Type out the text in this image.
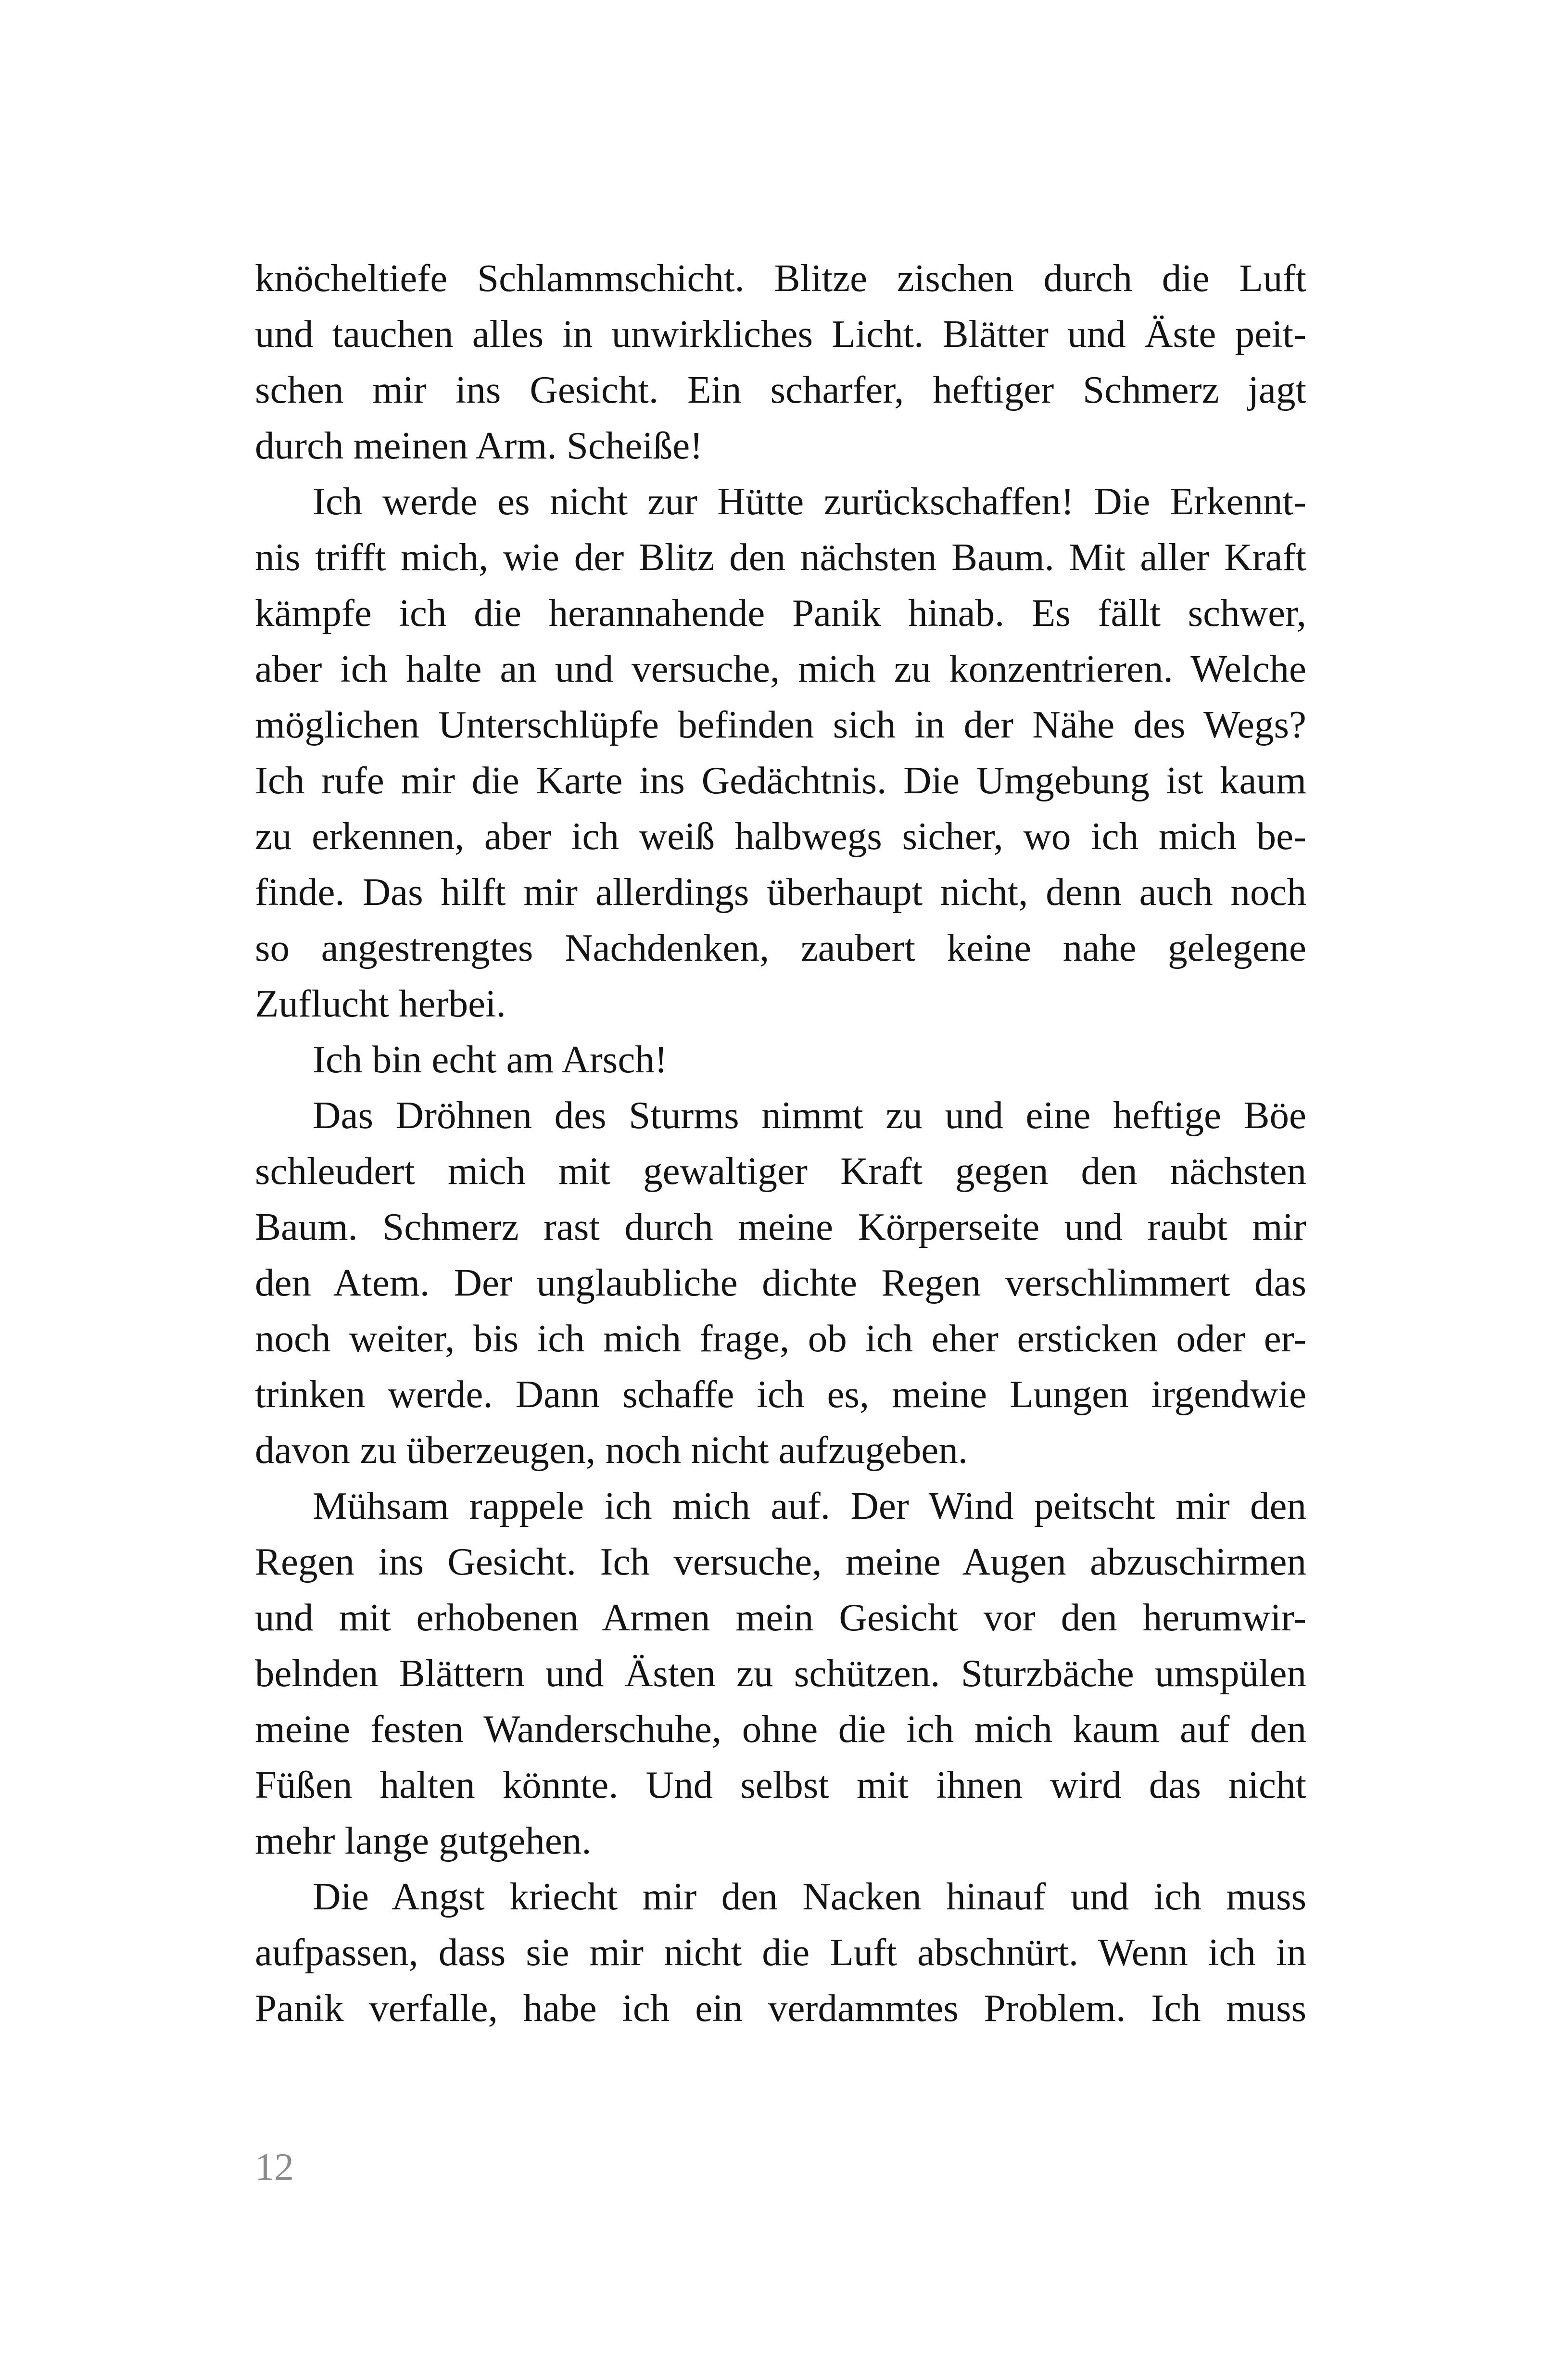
knöcheltiefe Schlammschicht. Blitze zischen durch die Luft
und tauchen alles in unwirkliches Licht. Blätter und Äste peit-
schen mir ins Gesicht. Ein scharfer, heftiger Schmerz jagt
durch meinen Arm. Scheiße!
Ich werde es nicht zur Hütte zurückschaffen! Die Erkennt-
nis trifft mich, wie der Blitz den nächsten Baum. Mit aller Kraft
kämpfe ich die herannahende Panik hinab. Es fällt schwer,
aber ich halte an und versuche, mich zu konzentrieren. Welche
möglichen Unterschlüpfe befinden sich in der Nähe des Wegs?
Ich rufe mir die Karte ins Gedächtnis. Die Umgebung ist kaum
zu erkennen, aber ich weiß halbwegs sicher, wo ich mich be-
finde. Das hilft mir allerdings überhaupt nicht, denn auch noch
so angestrengtes Nachdenken, zaubert keine nahe gelegene
Zuflucht herbei.
Ich bin echt am Arsch!
Das Dröhnen des Sturms nimmt zu und eine heftige Böe
schleudert mich mit gewaltiger Kraft gegen den nächsten
Baum. Schmerz rast durch meine Körperseite und raubt mir
den Atem. Der unglaubliche dichte Regen verschlimmert das
noch weiter, bis ich mich frage, ob ich eher ersticken oder er-
trinken werde. Dann schaffe ich es, meine Lungen irgendwie
davon zu überzeugen, noch nicht aufzugeben.
Mühsam rappele ich mich auf. Der Wind peitscht mir den
Regen ins Gesicht. Ich versuche, meine Augen abzuschirmen
und mit erhobenen Armen mein Gesicht vor den herumwir-
belnden Blättern und Ästen zu schützen. Sturzbäche umspülen
meine festen Wanderschuhe, ohne die ich mich kaum auf den
Füßen halten könnte. Und selbst mit ihnen wird das nicht
mehr lange gutgehen.
Die Angst kriecht mir den Nacken hinauf und ich muss
aufpassen, dass sie mir nicht die Luft abschnürt. Wenn ich in
Panik verfalle, habe ich ein verdammtes Problem. Ich muss
12
